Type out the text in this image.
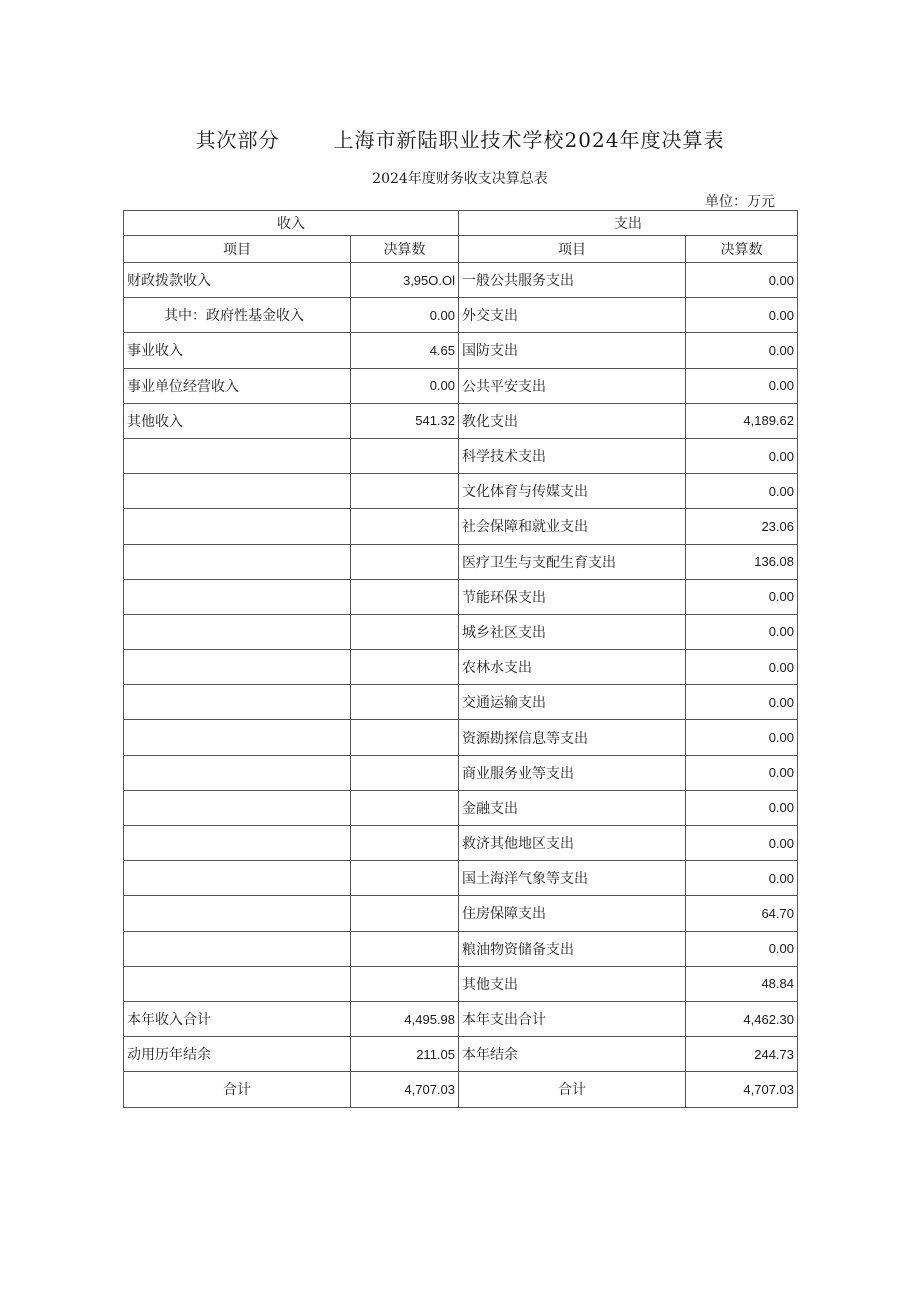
其次部分	上海市新陆职业技术学校2024年度决算表
2024年度财务收支决算总表
单位：万元
收入		支出	
项目	决算数	项目	决算数
财政拨款收入	3,95O.Ol	一般公共服务支出	0.00
其中：政府性基金收入	0.00	外交支出	0.00
事业收入	4.65	国防支出	0.00
事业单位经营收入	0.00	公共平安支出	0.00
其他收入	541.32	教化支出	4,189.62
		科学技术支出	0.00
		文化体育与传媒支出	0.00
		社会保障和就业支出	23.06
		医疗卫生与支配生育支出	136.08
		节能环保支出	0.00
		城乡社区支出	0.00
		农林水支出	0.00
		交通运输支出	0.00
		资源勘探信息等支出	0.00
		商业服务业等支出	0.00
		金融支出	0.00
		救济其他地区支出	0.00
		国土海洋气象等支出	0.00
		住房保障支出	64.70
		粮油物资储备支出	0.00
		其他支出	48.84
本年收入合计	4,495.98	本年支出合计	4,462.30
动用历年结余	211.05	本年结余	244.73
合计	4,707.03	合计	4,707.03
